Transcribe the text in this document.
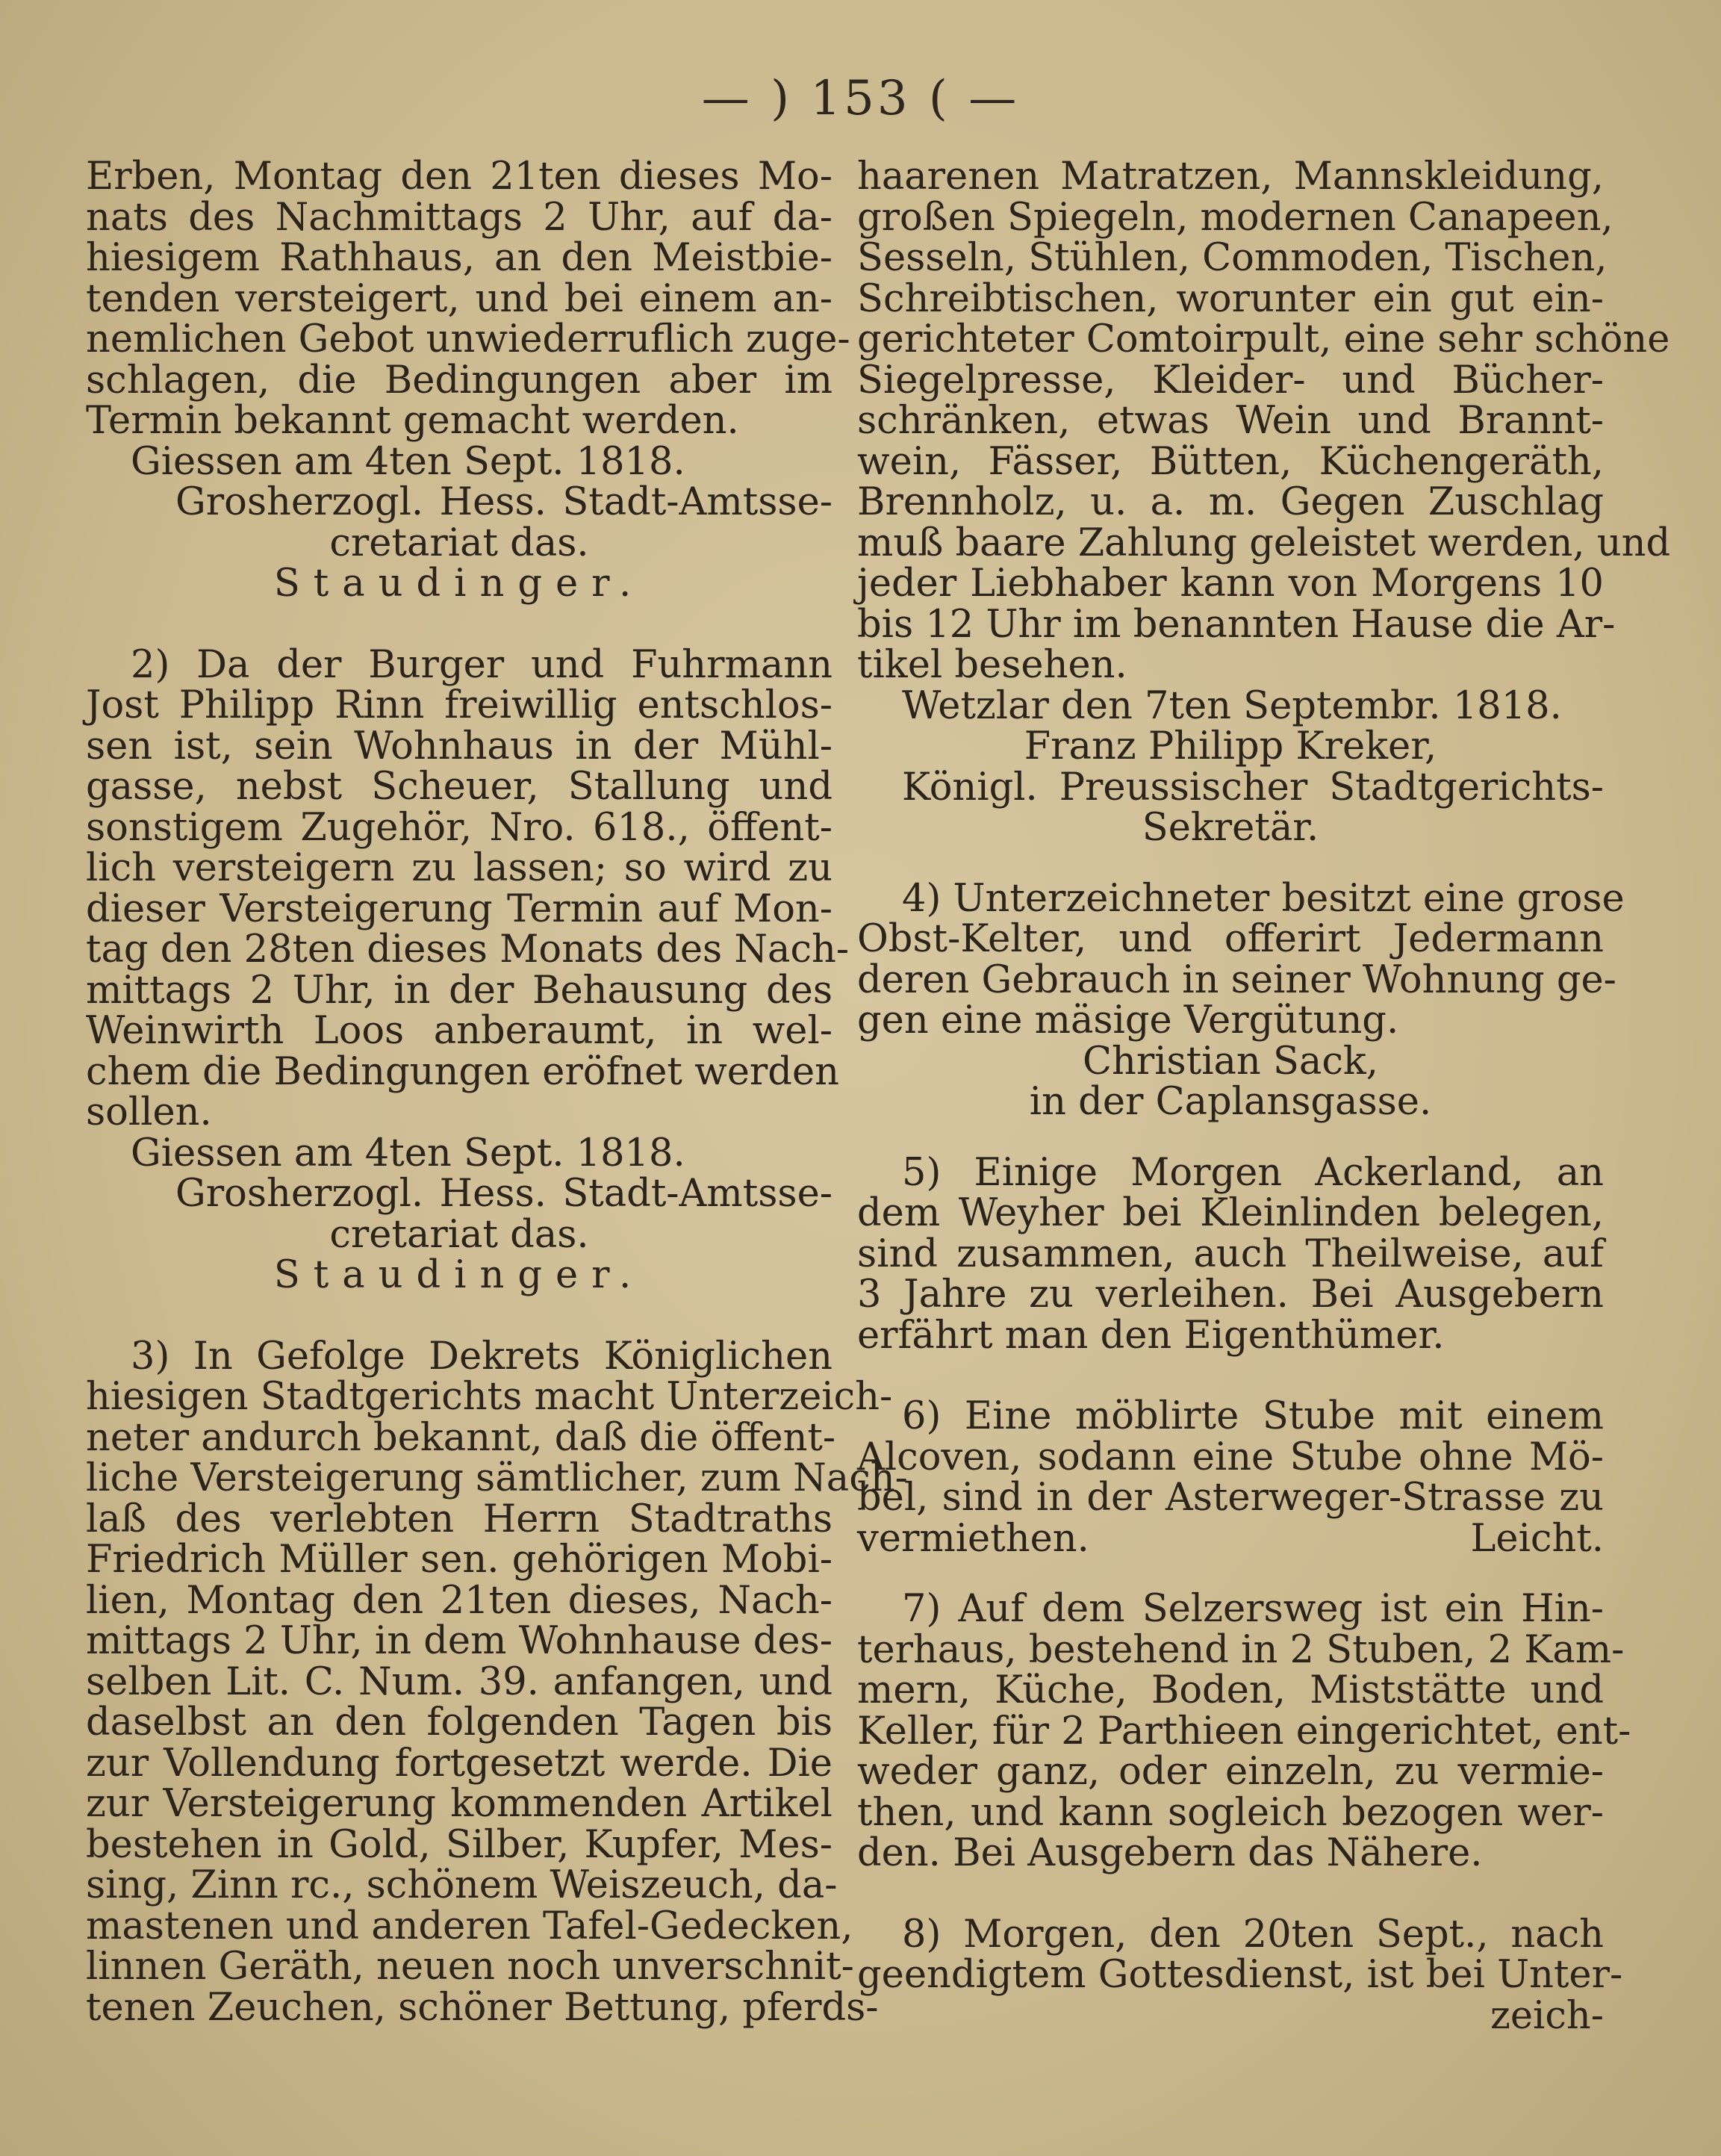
— ) 153 ( —
Erben, Montag den 21ten dieses Mo-
nats des Nachmittags 2 Uhr, auf da-
hiesigem Rathhaus, an den Meistbie-
tenden versteigert, und bei einem an-
nemlichen Gebot unwiederruflich zuge-
schlagen, die Bedingungen aber im
Termin bekannt gemacht werden.
Giessen am 4ten Sept. 1818.
Grosherzogl. Hess. Stadt-Amtsse-
cretariat das.
Staudinger.
2) Da der Burger und Fuhrmann
Jost Philipp Rinn freiwillig entschlos-
sen ist, sein Wohnhaus in der Mühl-
gasse, nebst Scheuer, Stallung und
sonstigem Zugehör, Nro. 618., öffent-
lich versteigern zu lassen; so wird zu
dieser Versteigerung Termin auf Mon-
tag den 28ten dieses Monats des Nach-
mittags 2 Uhr, in der Behausung des
Weinwirth Loos anberaumt, in wel-
chem die Bedingungen eröfnet werden
sollen.
Giessen am 4ten Sept. 1818.
Grosherzogl. Hess. Stadt-Amtsse-
cretariat das.
Staudinger.
3) In Gefolge Dekrets Königlichen
hiesigen Stadtgerichts macht Unterzeich-
neter andurch bekannt, daß die öffent-
liche Versteigerung sämtlicher, zum Nach-
laß des verlebten Herrn Stadtraths
Friedrich Müller sen. gehörigen Mobi-
lien, Montag den 21ten dieses, Nach-
mittags 2 Uhr, in dem Wohnhause des-
selben Lit. C. Num. 39. anfangen, und
daselbst an den folgenden Tagen bis
zur Vollendung fortgesetzt werde. Die
zur Versteigerung kommenden Artikel
bestehen in Gold, Silber, Kupfer, Mes-
sing, Zinn rc., schönem Weiszeuch, da-
mastenen und anderen Tafel-Gedecken,
linnen Geräth, neuen noch unverschnit-
tenen Zeuchen, schöner Bettung, pferds-
haarenen Matratzen, Mannskleidung,
großen Spiegeln, modernen Canapeen,
Sesseln, Stühlen, Commoden, Tischen,
Schreibtischen, worunter ein gut ein-
gerichteter Comtoirpult, eine sehr schöne
Siegelpresse, Kleider- und Bücher-
schränken, etwas Wein und Brannt-
wein, Fässer, Bütten, Küchengeräth,
Brennholz, u. a. m. Gegen Zuschlag
muß baare Zahlung geleistet werden, und
jeder Liebhaber kann von Morgens 10
bis 12 Uhr im benannten Hause die Ar-
tikel besehen.
Wetzlar den 7ten Septembr. 1818.
Franz Philipp Kreker,
Königl. Preussischer Stadtgerichts-
Sekretär.
4) Unterzeichneter besitzt eine grose
Obst-Kelter, und offerirt Jedermann
deren Gebrauch in seiner Wohnung ge-
gen eine mäsige Vergütung.
Christian Sack,
in der Caplansgasse.
5) Einige Morgen Ackerland, an
dem Weyher bei Kleinlinden belegen,
sind zusammen, auch Theilweise, auf
3 Jahre zu verleihen. Bei Ausgebern
erfährt man den Eigenthümer.
6) Eine möblirte Stube mit einem
Alcoven, sodann eine Stube ohne Mö-
bel, sind in der Asterweger-Strasse zu
vermiethen. Leicht.
7) Auf dem Selzersweg ist ein Hin-
terhaus, bestehend in 2 Stuben, 2 Kam-
mern, Küche, Boden, Miststätte und
Keller, für 2 Parthieen eingerichtet, ent-
weder ganz, oder einzeln, zu vermie-
then, und kann sogleich bezogen wer-
den. Bei Ausgebern das Nähere.
8) Morgen, den 20ten Sept., nach
geendigtem Gottesdienst, ist bei Unter-
zeich-
